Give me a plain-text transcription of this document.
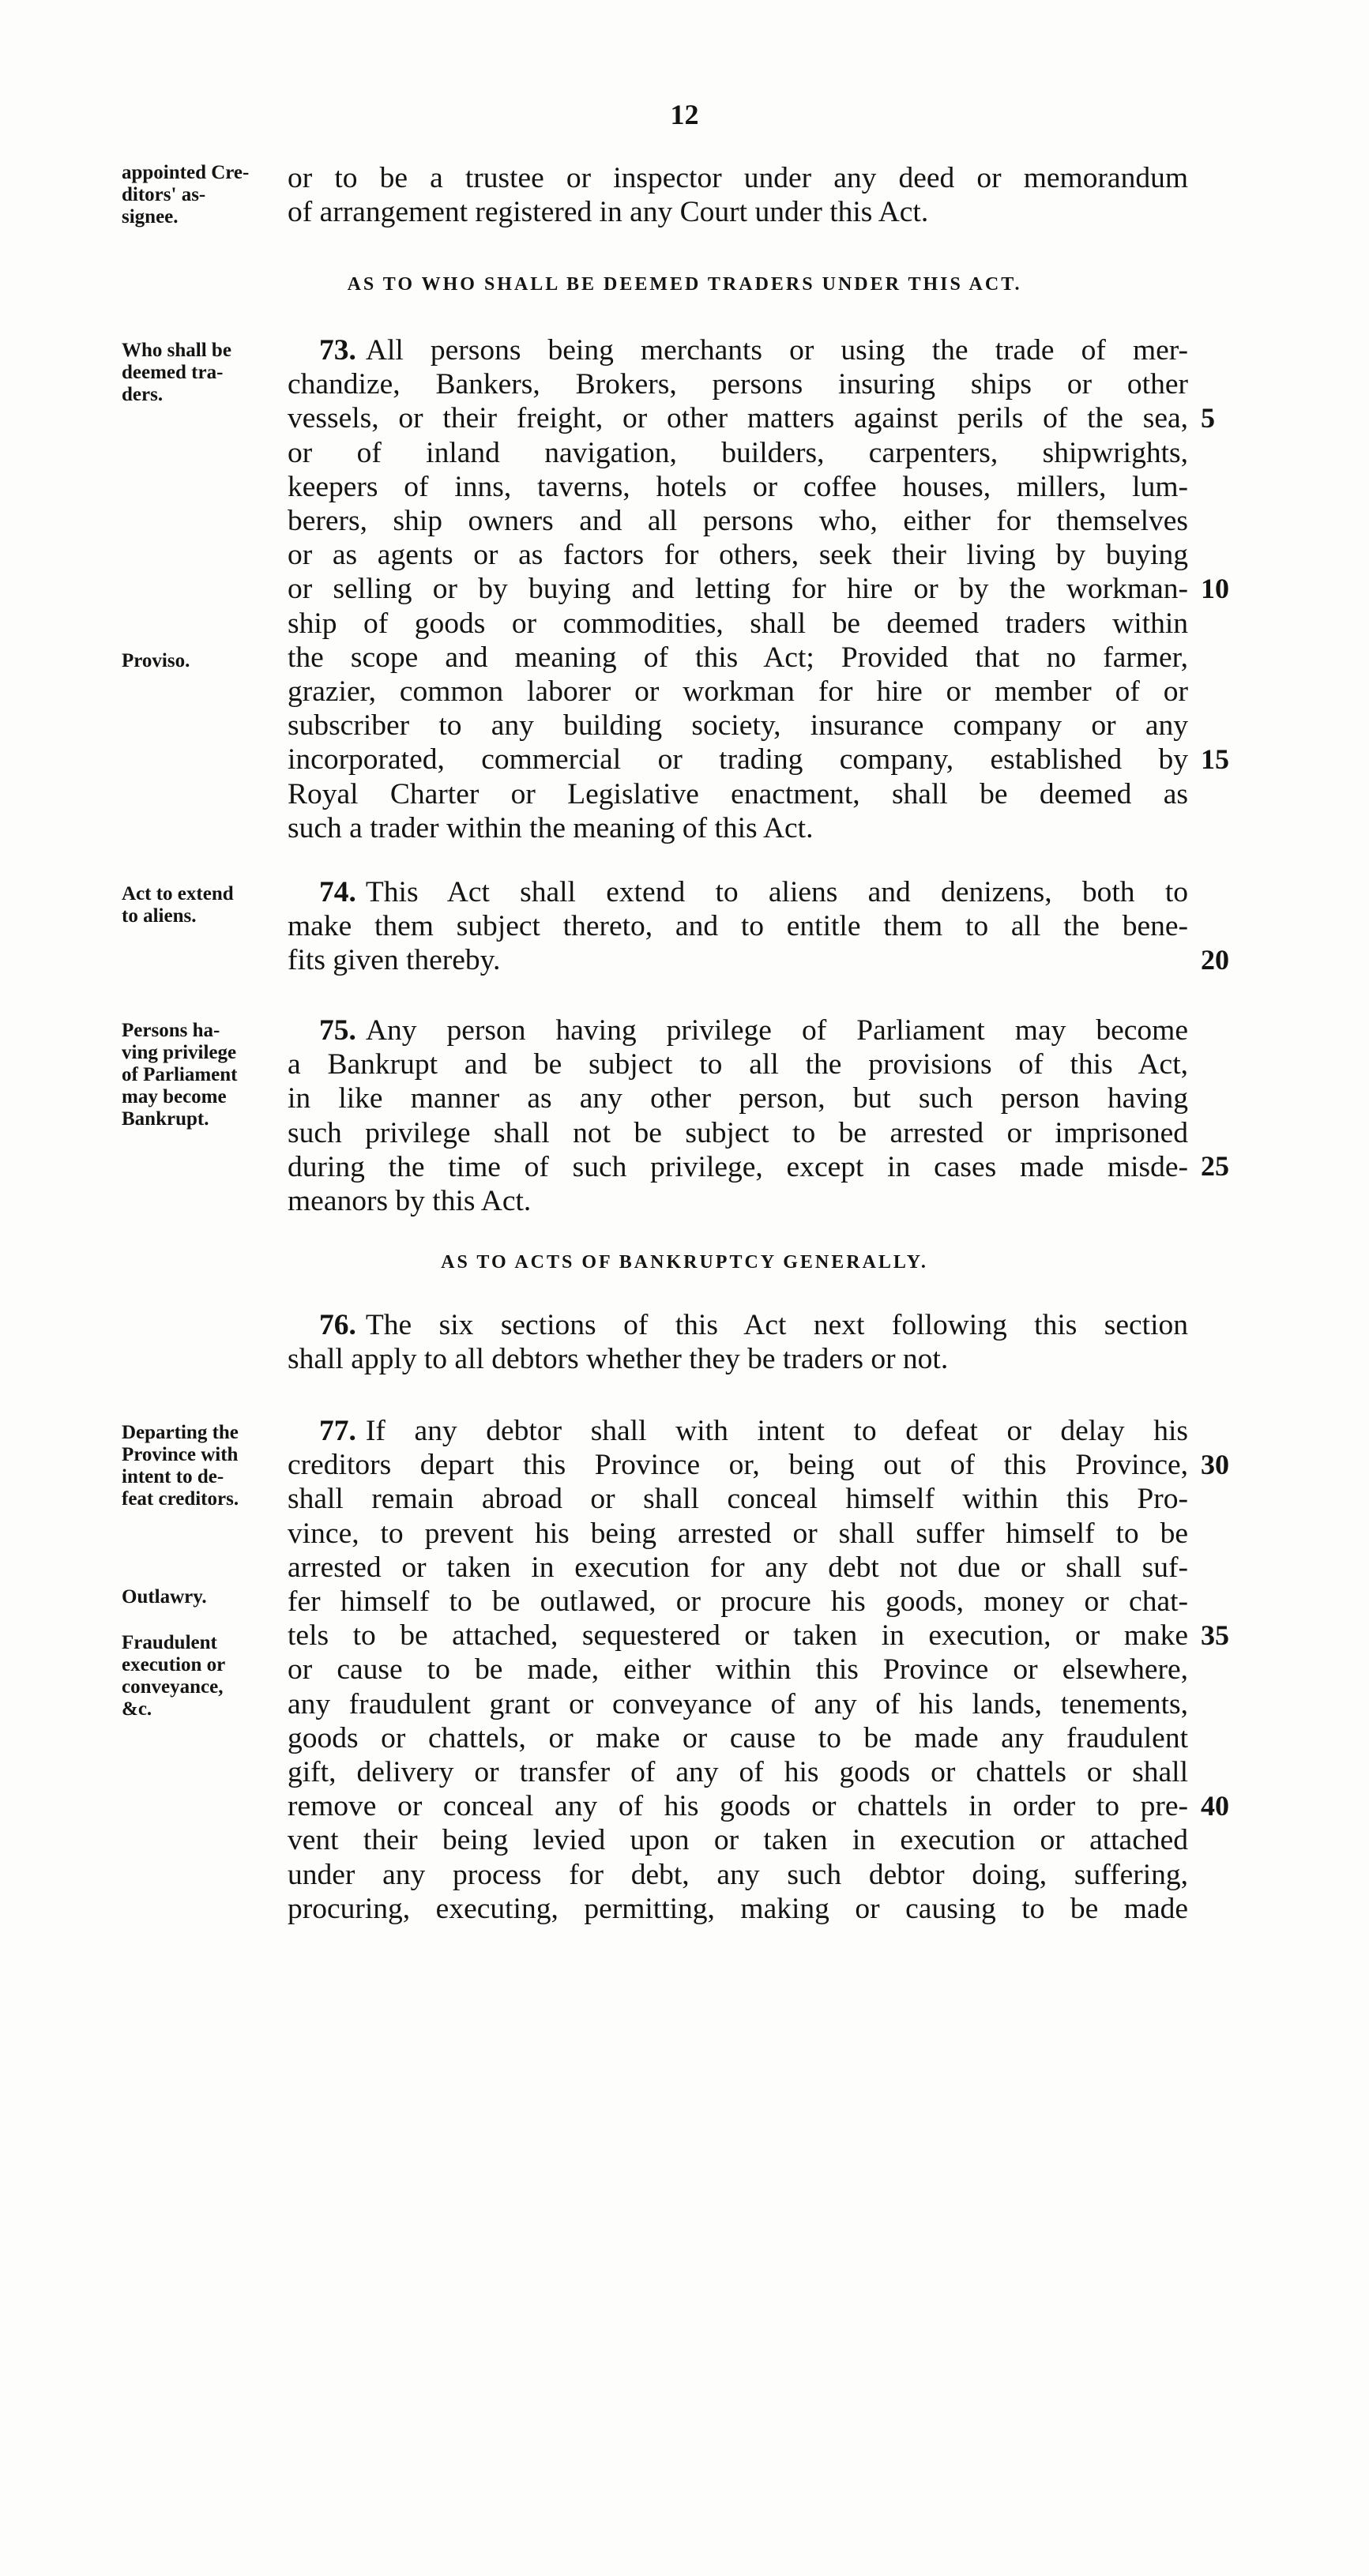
12
appointed Cre-
ditors' as-
signee.
or to be a trustee or inspector under any deed or memorandum
of arrangement registered in any Court under this Act.
AS TO WHO SHALL BE DEEMED TRADERS UNDER THIS ACT.
Who shall be
deemed tra-
ders.
Proviso.
73. All persons being merchants or using the trade of mer-
chandize, Bankers, Brokers, persons insuring ships or other
vessels, or their freight, or other matters against perils of the sea,
or of inland navigation, builders, carpenters, shipwrights,
keepers of inns, taverns, hotels or coffee houses, millers, lum-
berers, ship owners and all persons who, either for themselves
or as agents or as factors for others, seek their living by buying
or selling or by buying and letting for hire or by the workman-
ship of goods or commodities, shall be deemed traders within
the scope and meaning of this Act; Provided that no farmer,
grazier, common laborer or workman for hire or member of or
subscriber to any building society, insurance company or any
incorporated, commercial or trading company, established by
Royal Charter or Legislative enactment, shall be deemed as
such a trader within the meaning of this Act.
5
10
15
Act to extend
to aliens.
74. This Act shall extend to aliens and denizens, both to
make them subject thereto, and to entitle them to all the bene-
fits given thereby.	20
Persons ha-
ving privilege
of Parliament
may become
Bankrupt.
75. Any person having privilege of Parliament may become
a Bankrupt and be subject to all the provisions of this Act,
in like manner as any other person, but such person having
such privilege shall not be subject to be arrested or imprisoned
during the time of such privilege, except in cases made misde-
meanors by this Act.
25
AS TO ACTS OF BANKRUPTCY GENERALLY.
76. The six sections of this Act next following this section
shall apply to all debtors whether they be traders or not.
Departing the
Province with
intent to de-
feat creditors.
Outlawry.
Fraudulent
execution or
conveyance,
&c.
77. If any debtor shall with intent to defeat or delay his
creditors depart this Province or, being out of this Province,
shall remain abroad or shall conceal himself within this Pro-
vince, to prevent his being arrested or shall suffer himself to be
arrested or taken in execution for any debt not due or shall suf-
fer himself to be outlawed, or procure his goods, money or chat-
tels to be attached, sequestered or taken in execution, or make
or cause to be made, either within this Province or elsewhere,
any fraudulent grant or conveyance of any of his lands, tenements,
goods or chattels, or make or cause to be made any fraudulent
gift, delivery or transfer of any of his goods or chattels or shall
remove or conceal any of his goods or chattels in order to pre-
vent their being levied upon or taken in execution or attached
under any process for debt, any such debtor doing, suffering,
procuring, executing, permitting, making or causing to be made
30
35
40
